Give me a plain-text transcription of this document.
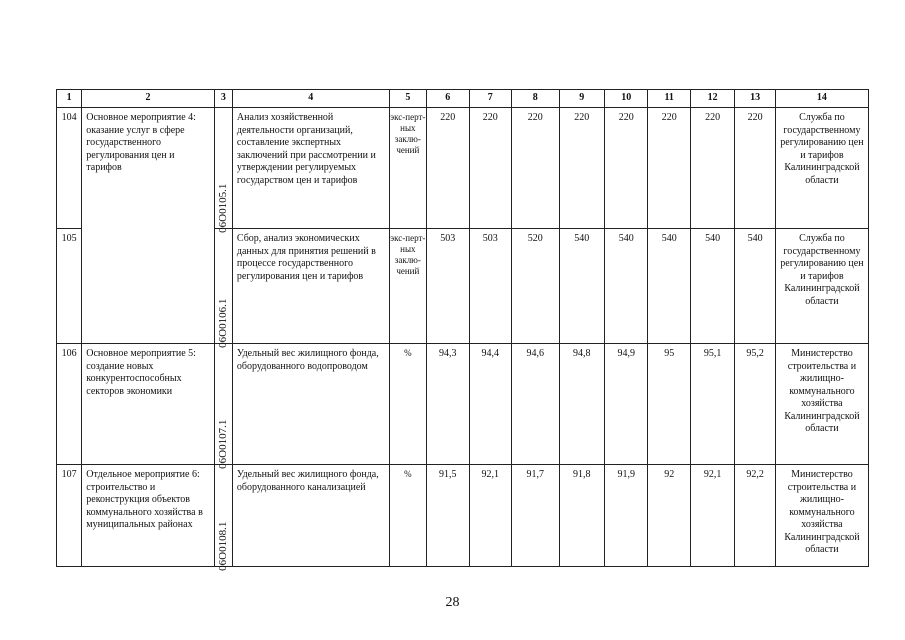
1	2	3	4	5	6	7	8	9	10	11	12	13	14
104	Основное мероприятие 4: оказание услуг в сфере государственного регулирования цен и тарифов	06O0105.1	Анализ хозяйственной деятельности организаций, составление экспертных заключений при рассмотрении и утверждении регулируемых государством цен и тарифов	экс-перт-ных заклю-чений	220	220	220	220	220	220	220	220	Служба по государственному регулированию цен и тарифов Калининградской области
105		06O0106.1	Сбор, анализ экономических данных для принятия решений в процессе государственного регулирования цен и тарифов	экс-перт-ных заклю-чений	503	503	520	540	540	540	540	540	Служба по государственному регулированию цен и тарифов Калининградской области
106	Основное мероприятие 5: создание новых конкурентоспособных секторов экономики	06O0107.1	Удельный вес жилищного фонда, оборудованного водопроводом	%	94,3	94,4	94,6	94,8	94,9	95	95,1	95,2	Министерство строительства и жилищно-коммунального хозяйства Калининградской области
107	Отдельное мероприятие 6: строительство и реконструкция объектов коммунального хозяйства в муниципальных районах	06O0108.1	Удельный вес жилищного фонда, оборудованного канализацией	%	91,5	92,1	91,7	91,8	91,9	92	92,1	92,2	Министерство строительства и жилищно-коммунального хозяйства Калининградской области
28
